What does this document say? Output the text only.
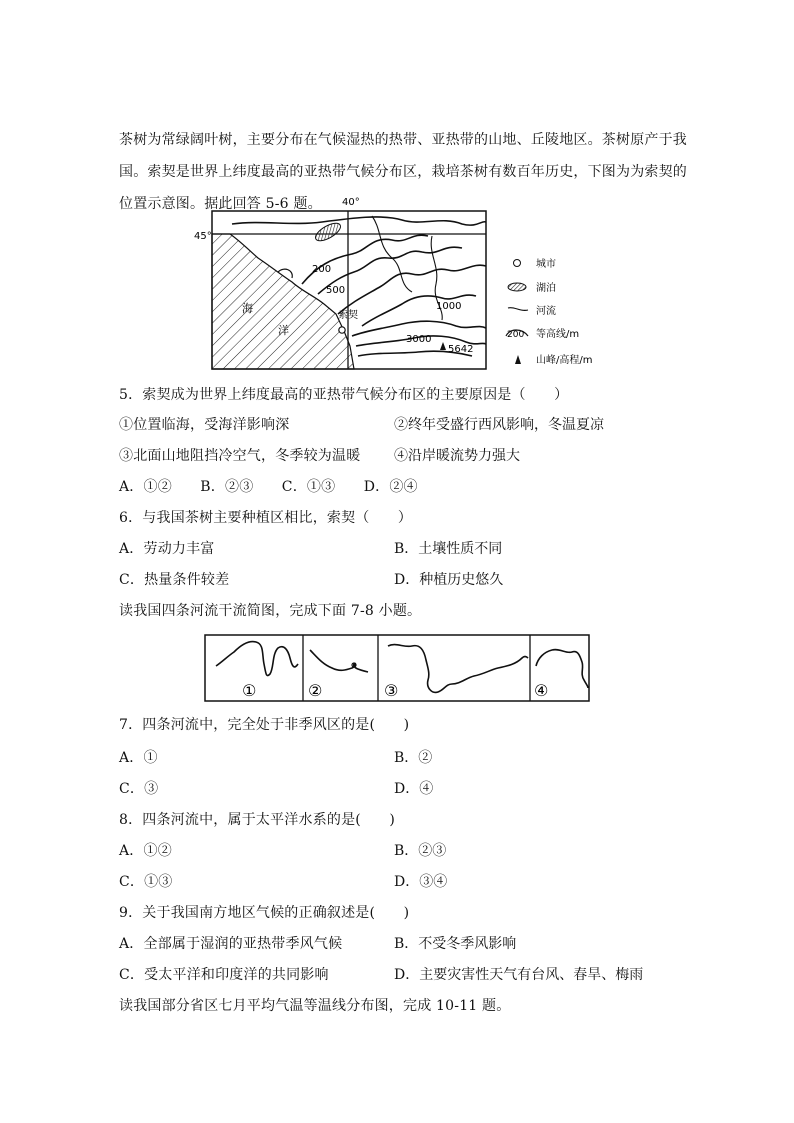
茶树为常绿阔叶树，主要分布在气候湿热的热带、亚热带的山地、丘陵地区。茶树原产于我
国。索契是世界上纬度最高的亚热带气候分布区，栽培茶树有数百年历史，下图为为索契的
位置示意图。据此回答 5-6 题。
45°
40°
海
洋
索契
200
500
1000
3000
5642
城市
湖泊
河流
200 等高线/m
山峰/高程/m
5．索契成为世界上纬度最高的亚热带气候分布区的主要原因是（　　）
①位置临海，受海洋影响深	②终年受盛行西风影响，冬温夏凉
③北面山地阻挡冷空气，冬季较为温暖 ④沿岸暖流势力强大
A．①②　　B．②③　　C．①③　　D．②④
6．与我国茶树主要种植区相比，索契（　　）
A．劳动力丰富	B．土壤性质不同
C．热量条件较差	D．种植历史悠久
读我国四条河流干流简图，完成下面 7-8 小题。
①	②	③	④
7．四条河流中，完全处于非季风区的是(　　)
A．①	B．②
C．③	D．④
8．四条河流中，属于太平洋水系的是(　　)
A．①②	B．②③
C．①③	D．③④
9．关于我国南方地区气候的正确叙述是(　　)
A．全部属于湿润的亚热带季风气候	B．不受冬季风影响
C．受太平洋和印度洋的共同影响	D．主要灾害性天气有台风、春旱、梅雨
读我国部分省区七月平均气温等温线分布图，完成 10-11 题。
